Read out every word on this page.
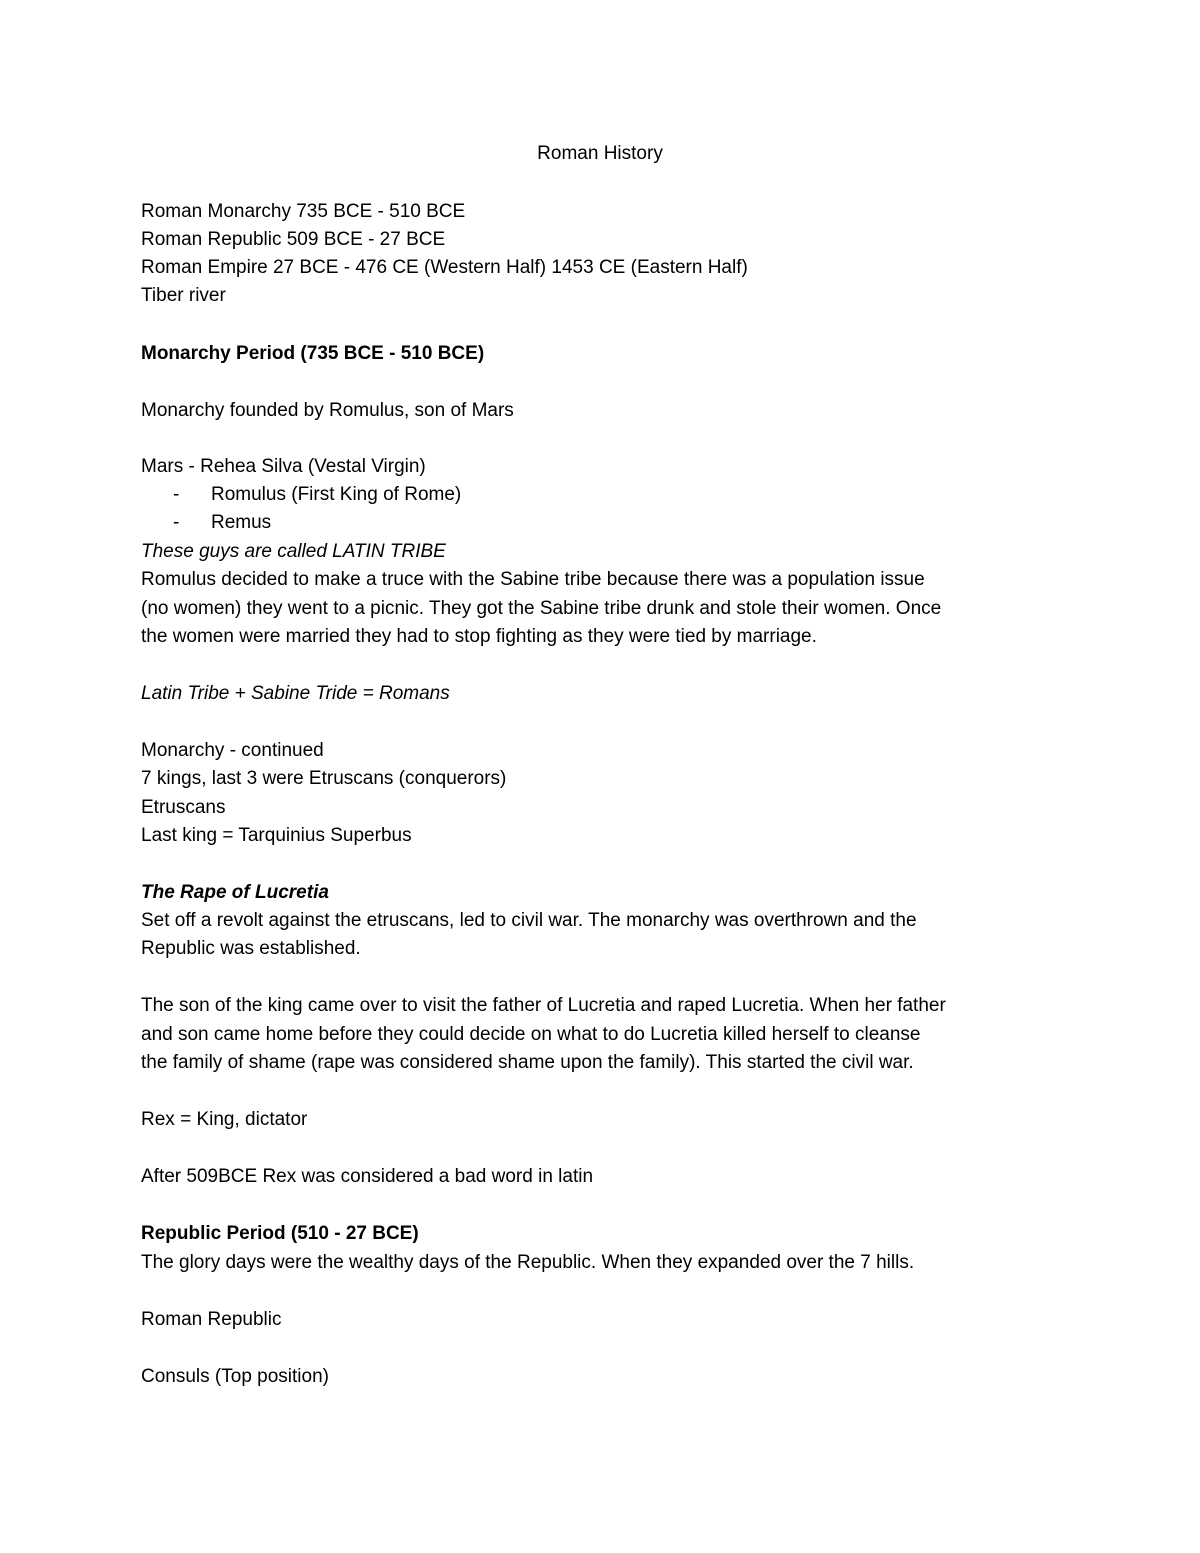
Roman History
Roman Monarchy 735 BCE - 510 BCE
Roman Republic 509 BCE - 27 BCE
Roman Empire 27 BCE - 476 CE (Western Half) 1453 CE (Eastern Half)
Tiber river
Monarchy Period (735 BCE - 510 BCE)
Monarchy founded by Romulus, son of Mars
Mars - Rehea Silva (Vestal Virgin)
- Romulus (First King of Rome)
- Remus
These guys are called LATIN TRIBE
Romulus decided to make a truce with the Sabine tribe because there was a population issue
(no women) they went to a picnic. They got the Sabine tribe drunk and stole their women. Once
the women were married they had to stop fighting as they were tied by marriage.
Latin Tribe + Sabine Tride = Romans
Monarchy - continued
7 kings, last 3 were Etruscans (conquerors)
Etruscans
Last king = Tarquinius Superbus
The Rape of Lucretia
Set off a revolt against the etruscans, led to civil war. The monarchy was overthrown and the
Republic was established.
The son of the king came over to visit the father of Lucretia and raped Lucretia. When her father
and son came home before they could decide on what to do Lucretia killed herself to cleanse
the family of shame (rape was considered shame upon the family). This started the civil war.
Rex = King, dictator
After 509BCE Rex was considered a bad word in latin
Republic Period (510 - 27 BCE)
The glory days were the wealthy days of the Republic. When they expanded over the 7 hills.
Roman Republic
Consuls (Top position)
